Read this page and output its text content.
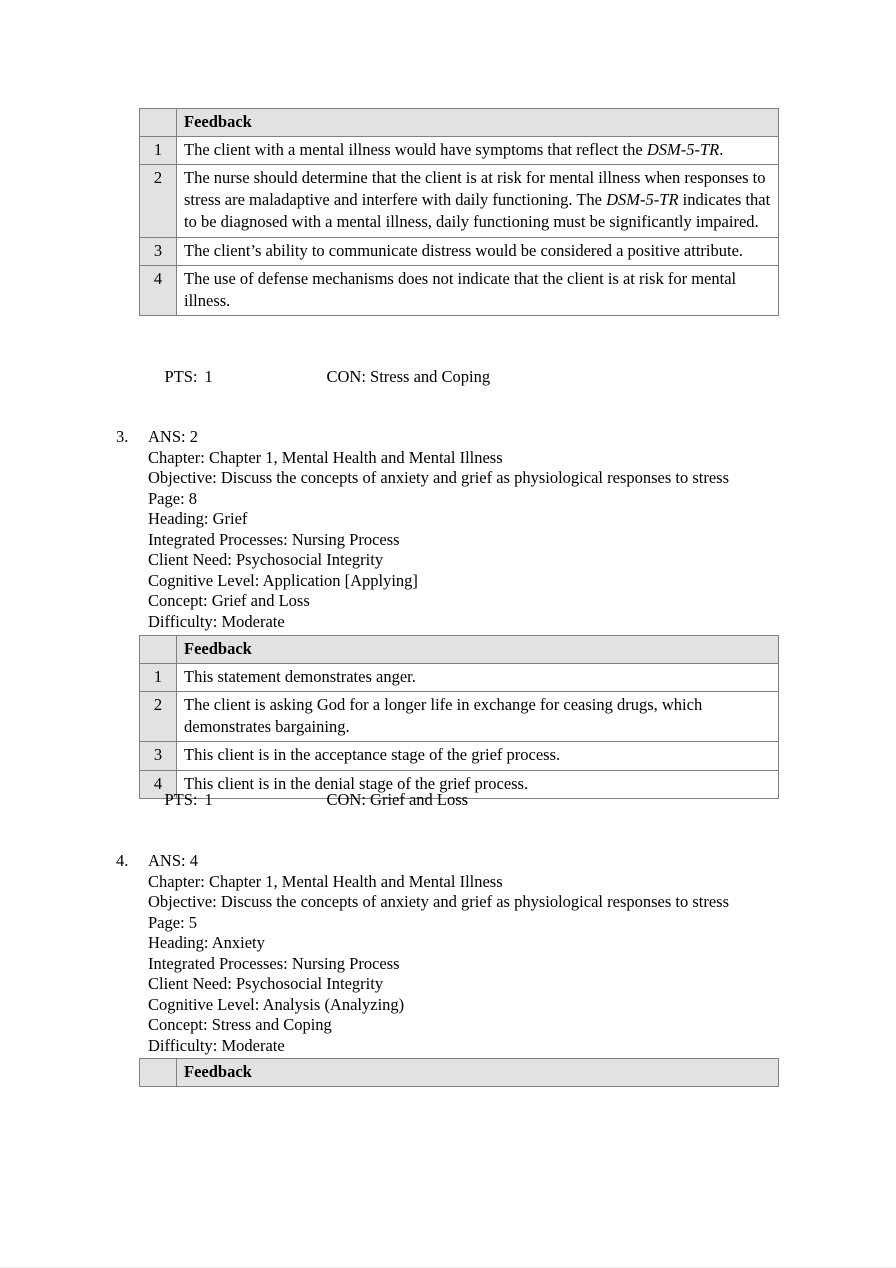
	Feedback
1	The client with a mental illness would have symptoms that reflect the DSM-5-TR.
2	The nurse should determine that the client is at risk for mental illness when responses to stress are maladaptive and interfere with daily functioning. The DSM-5-TR indicates that to be diagnosed with a mental illness, daily functioning must be significantly impaired.
3	The client’s ability to communicate distress would be considered a positive attribute.
4	The use of defense mechanisms does not indicate that the client is at risk for mental illness.

PTS: 1	CON: Stress and Coping

3.	ANS: 2
Chapter: Chapter 1, Mental Health and Mental Illness
Objective: Discuss the concepts of anxiety and grief as physiological responses to stress
Page: 8
Heading: Grief
Integrated Processes: Nursing Process
Client Need: Psychosocial Integrity
Cognitive Level: Application [Applying]
Concept: Grief and Loss
Difficulty: Moderate
	Feedback
1	This statement demonstrates anger.
2	The client is asking God for a longer life in exchange for ceasing drugs, which demonstrates bargaining.
3	This client is in the acceptance stage of the grief process.
4	This client is in the denial stage of the grief process.

PTS: 1	CON: Grief and Loss

4.	ANS: 4
Chapter: Chapter 1, Mental Health and Mental Illness
Objective: Discuss the concepts of anxiety and grief as physiological responses to stress
Page: 5
Heading: Anxiety
Integrated Processes: Nursing Process
Client Need: Psychosocial Integrity
Cognitive Level: Analysis (Analyzing)
Concept: Stress and Coping
Difficulty: Moderate
	Feedback
